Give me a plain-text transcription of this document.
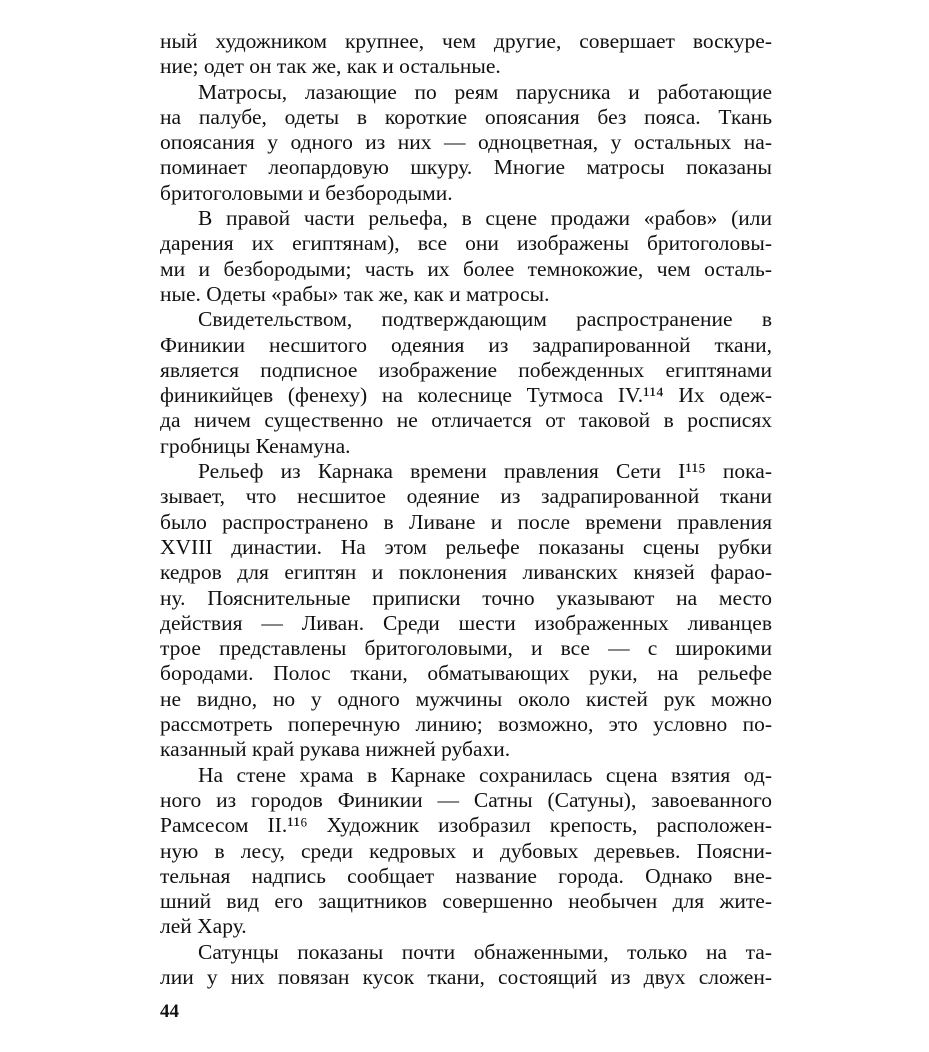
ный художником крупнее, чем другие, совершает воскуре-
ние; одет он так же, как и остальные.
Матросы, лазающие по реям парусника и работающие
на палубе, одеты в короткие опоясания без пояса. Ткань
опоясания у одного из них — одноцветная, у остальных на-
поминает леопардовую шкуру. Многие матросы показаны
бритоголовыми и безбородыми.
В правой части рельефа, в сцене продажи «рабов» (или
дарения их египтянам), все они изображены бритоголовы-
ми и безбородыми; часть их более темнокожие, чем осталь-
ные. Одеты «рабы» так же, как и матросы.
Свидетельством, подтверждающим распространение в
Финикии несшитого одеяния из задрапированной ткани,
является подписное изображение побежденных египтянами
финикийцев (фенеху) на колеснице Тутмоса IV.¹¹⁴ Их одеж-
да ничем существенно не отличается от таковой в росписях
гробницы Кенамуна.
Рельеф из Карнака времени правления Сети I¹¹⁵ пока-
зывает, что несшитое одеяние из задрапированной ткани
было распространено в Ливане и после времени правления
XVIII династии. На этом рельефе показаны сцены рубки
кедров для египтян и поклонения ливанских князей фарао-
ну. Пояснительные приписки точно указывают на место
действия — Ливан. Среди шести изображенных ливанцев
трое представлены бритоголовыми, и все — с широкими
бородами. Полос ткани, обматывающих руки, на рельефе
не видно, но у одного мужчины около кистей рук можно
рассмотреть поперечную линию; возможно, это условно по-
казанный край рукава нижней рубахи.
На стене храма в Карнаке сохранилась сцена взятия од-
ного из городов Финикии — Сатны (Сатуны), завоеванного
Рамсесом II.¹¹⁶ Художник изобразил крепость, расположен-
ную в лесу, среди кедровых и дубовых деревьев. Поясни-
тельная надпись сообщает название города. Однако вне-
шний вид его защитников совершенно необычен для жите-
лей Хару.
Сатунцы показаны почти обнаженными, только на та-
лии у них повязан кусок ткани, состоящий из двух сложен-
44
